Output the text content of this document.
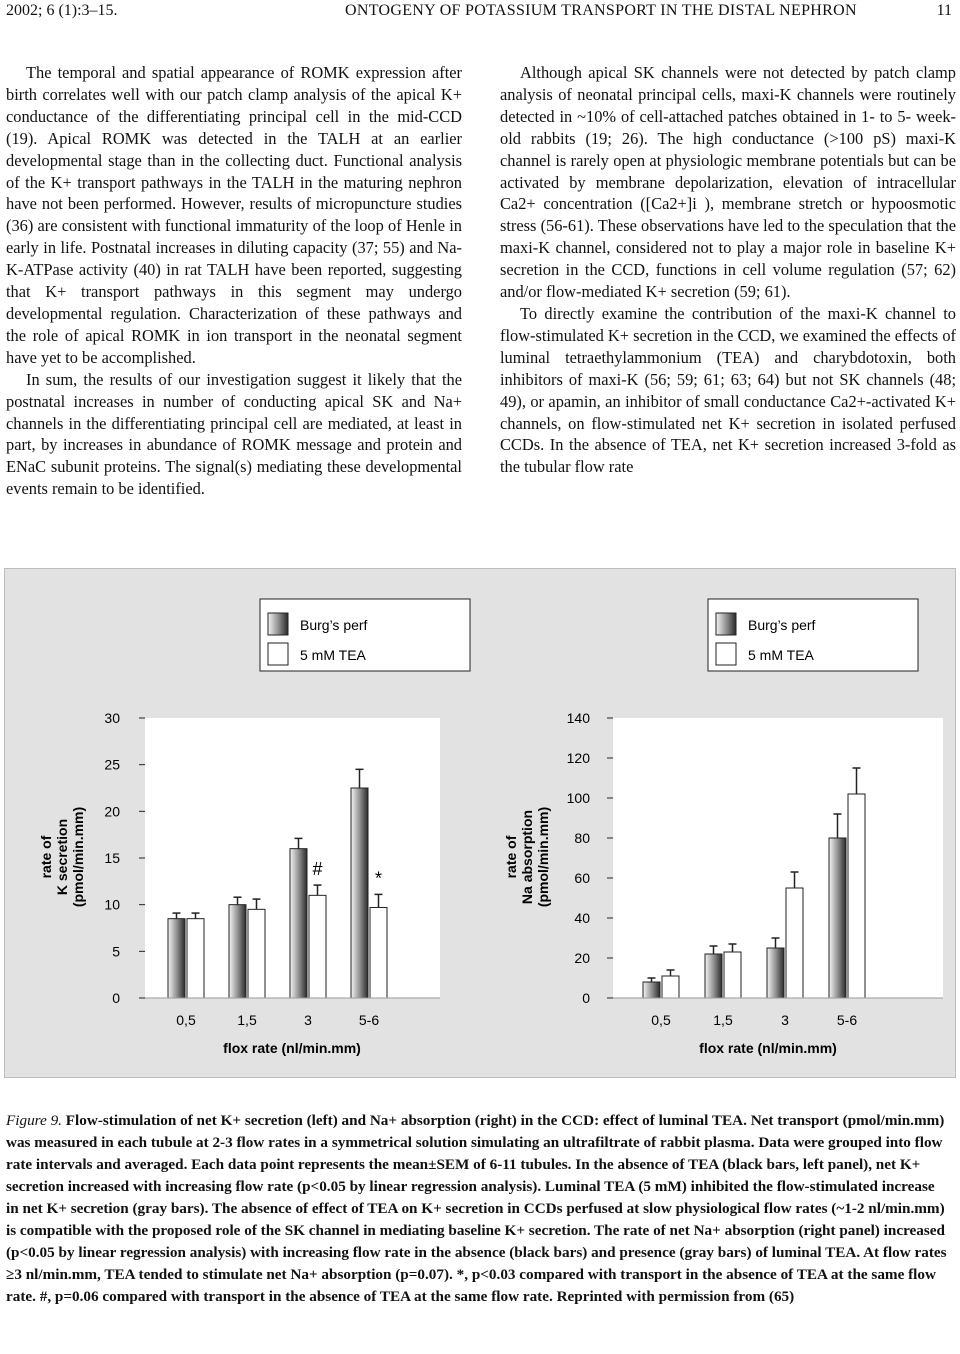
2002; 6 (1):3–15.	ONTOGENY OF POTASSIUM TRANSPORT IN THE DISTAL NEPHRON	11

The temporal and spatial appearance of ROMK expression after birth correlates well with our patch clamp analysis of the apical K+ conductance of the differentiating principal cell in the mid-CCD (19). Apical ROMK was detected in the TALH at an earlier developmental stage than in the collecting duct. Functional analysis of the K+ transport pathways in the TALH in the maturing nephron have not been performed. However, results of micropuncture studies (36) are consistent with functional immaturity of the loop of Henle in early in life. Postnatal increases in diluting capacity (37; 55) and Na-K-ATPase activity (40) in rat TALH have been reported, suggesting that K+ transport pathways in this segment may undergo developmental regulation. Characterization of these pathways and the role of apical ROMK in ion transport in the neonatal segment have yet to be accomplished.

In sum, the results of our investigation suggest it likely that the postnatal increases in number of conducting apical SK and Na+ channels in the differentiating principal cell are mediated, at least in part, by increases in abundance of ROMK message and protein and ENaC subunit proteins. The signal(s) mediating these developmental events remain to be identified.

Although apical SK channels were not detected by patch clamp analysis of neonatal principal cells, maxi-K channels were routinely detected in ~10% of cell-attached patches obtained in 1- to 5- week-old rabbits (19; 26). The high conductance (>100 pS) maxi-K channel is rarely open at physiologic membrane potentials but can be activated by membrane depolarization, elevation of intracellular Ca2+ concentration ([Ca2+]i ), membrane stretch or hypoosmotic stress (56-61). These observations have led to the speculation that the maxi-K channel, considered not to play a major role in baseline K+ secretion in the CCD, functions in cell volume regulation (57; 62) and/or flow-mediated K+ secretion (59; 61).

To directly examine the contribution of the maxi-K channel to flow-stimulated K+ secretion in the CCD, we examined the effects of luminal tetraethylammonium (TEA) and charybdotoxin, both inhibitors of maxi-K (56; 59; 61; 63; 64) but not SK channels (48; 49), or apamin, an inhibitor of small conductance Ca2+-activated K+ channels, on flow-stimulated net K+ secretion in isolated perfused CCDs. In the absence of TEA, net K+ secretion increased 3-fold as the tubular flow rate

Burg’s perf
5 mM TEA
0
5
10
15
20
25
30
rate of K secretion (pmol/min.mm)
0,5	1,5
#
3
*
5-6
flox rate (nl/min.mm)
Burg’s perf
5 mM TEA
0
20
40
60
80
100
120
140
rate of Na absorption (pmol/min.mm)
0,5	1,5	3	5-6
flox rate (nl/min.mm)
Figure 9. Flow-stimulation of net K+ secretion (left) and Na+ absorption (right) in the CCD: effect of luminal TEA. Net transport (pmol/min.mm) was measured in each tubule at 2-3 flow rates in a symmetrical solution simulating an ultrafiltrate of rabbit plasma. Data were grouped into flow rate intervals and averaged. Each data point represents the mean±SEM of 6-11 tubules. In the absence of TEA (black bars, left panel), net K+ secretion increased with increasing flow rate (p<0.05 by linear regression analysis). Luminal TEA (5 mM) inhibited the flow-stimulated increase in net K+ secretion (gray bars). The absence of effect of TEA on K+ secretion in CCDs perfused at slow physiological flow rates (~1-2 nl/min.mm) is compatible with the proposed role of the SK channel in mediating baseline K+ secretion. The rate of net Na+ absorption (right panel) increased (p<0.05 by linear regression analysis) with increasing flow rate in the absence (black bars) and presence (gray bars) of luminal TEA. At flow rates ≥3 nl/min.mm, TEA tended to stimulate net Na+ absorption (p=0.07). *, p<0.03 compared with transport in the absence of TEA at the same flow rate. #, p=0.06 compared with transport in the absence of TEA at the same flow rate. Reprinted with permission from (65)
